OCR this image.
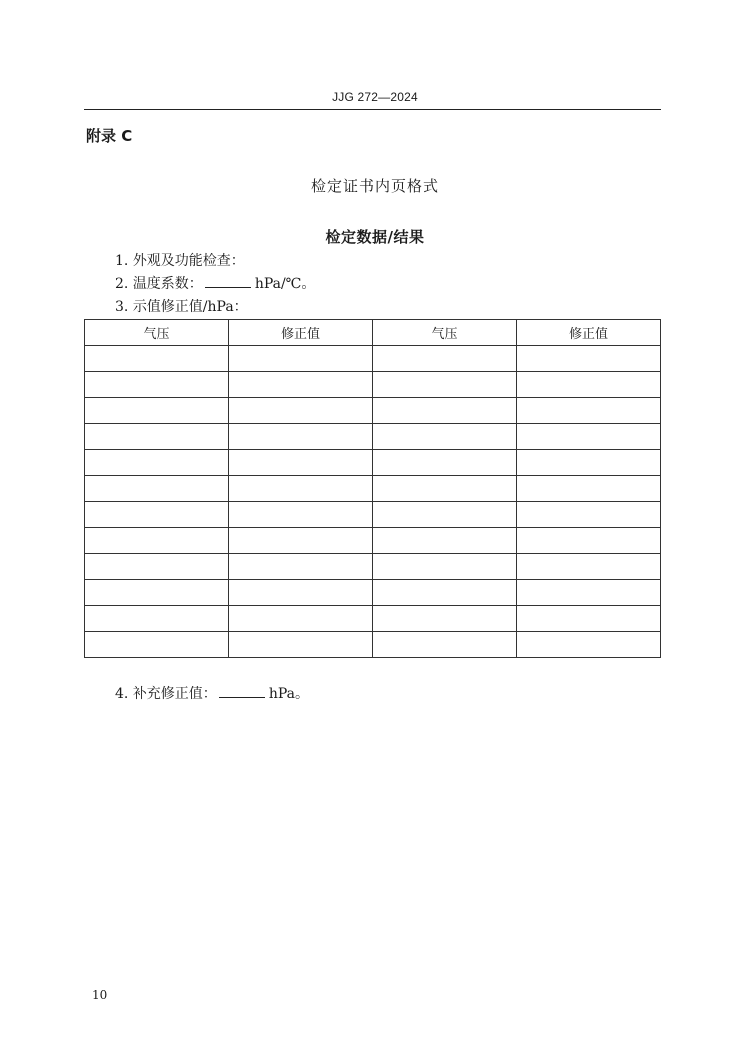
JJG 272—2024
附录 C
检定证书内页格式
检定数据/结果
1. 外观及功能检查：
2. 温度系数：	hPa/℃。
3. 示值修正值/hPa：
气压	修正值	气压	修正值

4. 补充修正值：	hPa。
10
